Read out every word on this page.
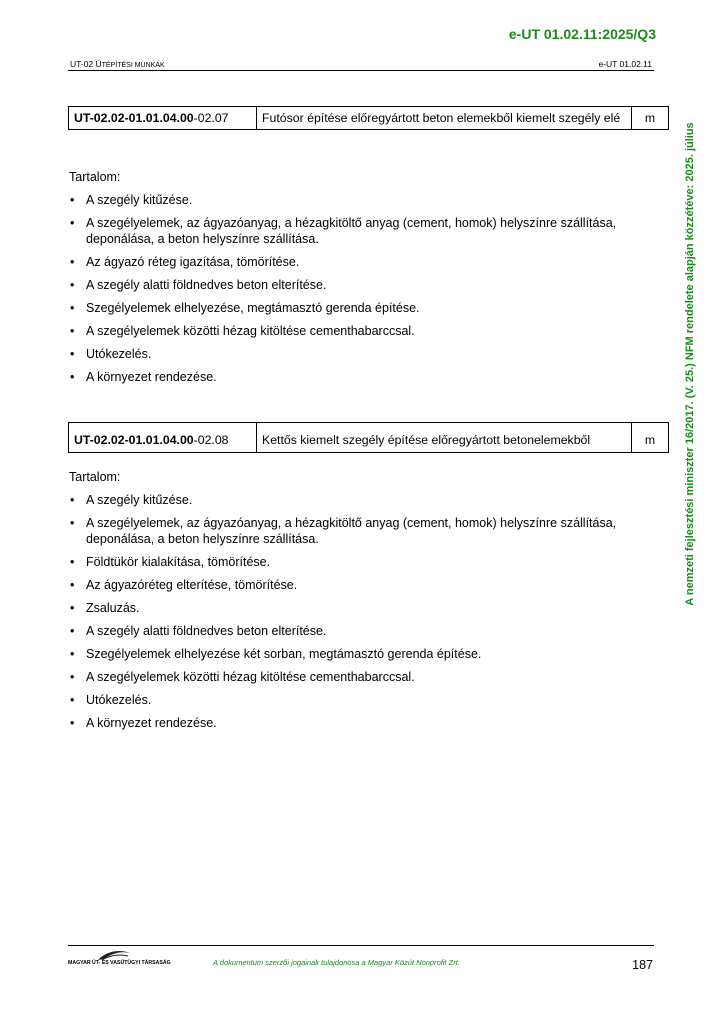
e-UT 01.02.11:2025/Q3
UT-02 ÚTÉPÍTÉSI MUNKÁK	e-UT 01.02.11
A nemzeti fejlesztési miniszter 16/2017. (V. 25.) NFM rendelete alapján közzétéve: 2025. július
UT-02.02-01.01.04.00-02.07	Futósor építése előregyártott beton elemekből kiemelt szegély elé	m
Tartalom:
• A szegély kitűzése.
• A szegélyelemek, az ágyazóanyag, a hézagkitöltő anyag (cement, homok) helyszínre szállítása, deponálása, a beton helyszínre szállítása.
• Az ágyazó réteg igazítása, tömörítése.
• A szegély alatti földnedves beton elterítése.
• Szegélyelemek elhelyezése, megtámasztó gerenda építése.
• A szegélyelemek közötti hézag kitöltése cementhabarccsal.
• Utókezelés.
• A környezet rendezése.
UT-02.02-01.01.04.00-02.08	Kettős kiemelt szegély építése előregyártott betonelemekből	m
Tartalom:
• A szegély kitűzése.
• A szegélyelemek, az ágyazóanyag, a hézagkitöltő anyag (cement, homok) helyszínre szállítása, deponálása, a beton helyszínre szállítása.
• Földtükör kialakítása, tömörítése.
• Az ágyazóréteg elterítése, tömörítése.
• Zsaluzás.
• A szegély alatti földnedves beton elterítése.
• Szegélyelemek elhelyezése két sorban, megtámasztó gerenda építése.
• A szegélyelemek közötti hézag kitöltése cementhabarccsal.
• Utókezelés.
• A környezet rendezése.
MAGYAR ÚT- ÉS VASÚTÜGYI TÁRSASÁG	A dokumentum szerzői jogainak tulajdonosa a Magyar Közút Nonprofit Zrt.	187
